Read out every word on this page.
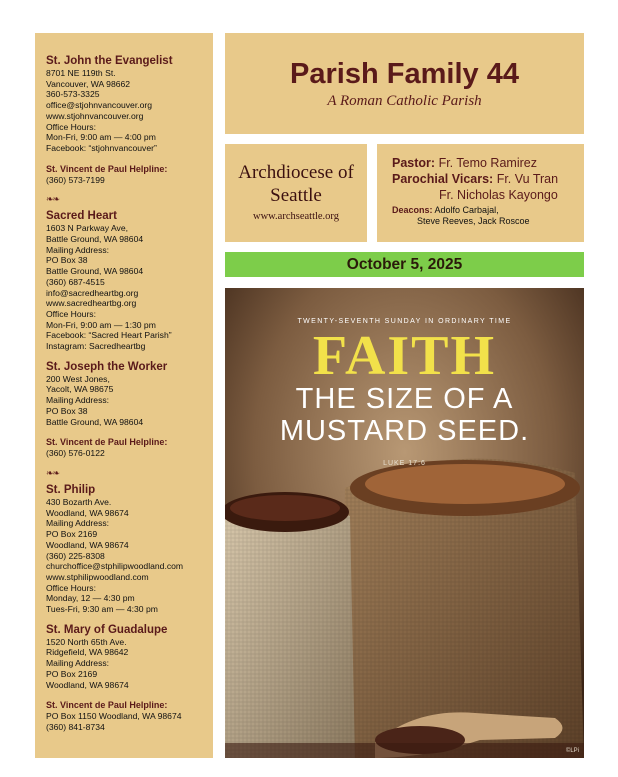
St. John the Evangelist
8701 NE 119th St.
Vancouver, WA 98662
360-573-3325
office@stjohnvancouver.org
www.stjohnvancouver.org
Office Hours:
Mon-Fri, 9:00 am — 4:00 pm
Facebook: “stjohnvancouver”
St. Vincent de Paul Helpline:
(360) 573-7199
❧❧
Sacred Heart
1603 N Parkway Ave,
Battle Ground, WA 98604
Mailing Address:
PO Box 38
Battle Ground, WA 98604
(360) 687-4515
info@sacredheartbg.org
www.sacredheartbg.org
Office Hours:
Mon-Fri, 9:00 am — 1:30 pm
Facebook: “Sacred Heart Parish”
Instagram: Sacredheartbg
St. Joseph the Worker
200 West Jones,
Yacolt, WA 98675
Mailing Address:
PO Box 38
Battle Ground, WA 98604
St. Vincent de Paul Helpline:
(360) 576-0122
❧❧
St. Philip
430 Bozarth Ave.
Woodland, WA 98674
Mailing Address:
PO Box 2169
Woodland, WA 98674
(360) 225-8308
churchoffice@stphilipwoodland.com
www.stphilipwoodland.com
Office Hours:
Monday, 12 — 4:30 pm
Tues-Fri, 9:30 am — 4:30 pm
St. Mary of Guadalupe
1520 North 65th Ave.
Ridgefield, WA 98642
Mailing Address:
PO Box 2169
Woodland, WA 98674
St. Vincent de Paul Helpline:
PO Box 1150 Woodland, WA 98674
(360) 841-8734
Parish Family 44
A Roman Catholic Parish
Archdiocese of
Seattle
www.archseattle.org
Pastor: Fr. Temo Ramirez
Parochial Vicars: Fr. Vu Tran
Fr. Nicholas Kayongo
Deacons: Adolfo Carbajal,
Steve Reeves, Jack Roscoe
October 5, 2025
TWENTY-SEVENTH SUNDAY IN ORDINARY TIME
FAITH
THE SIZE OF A
MUSTARD SEED.
LUKE 17:6
©LPi
